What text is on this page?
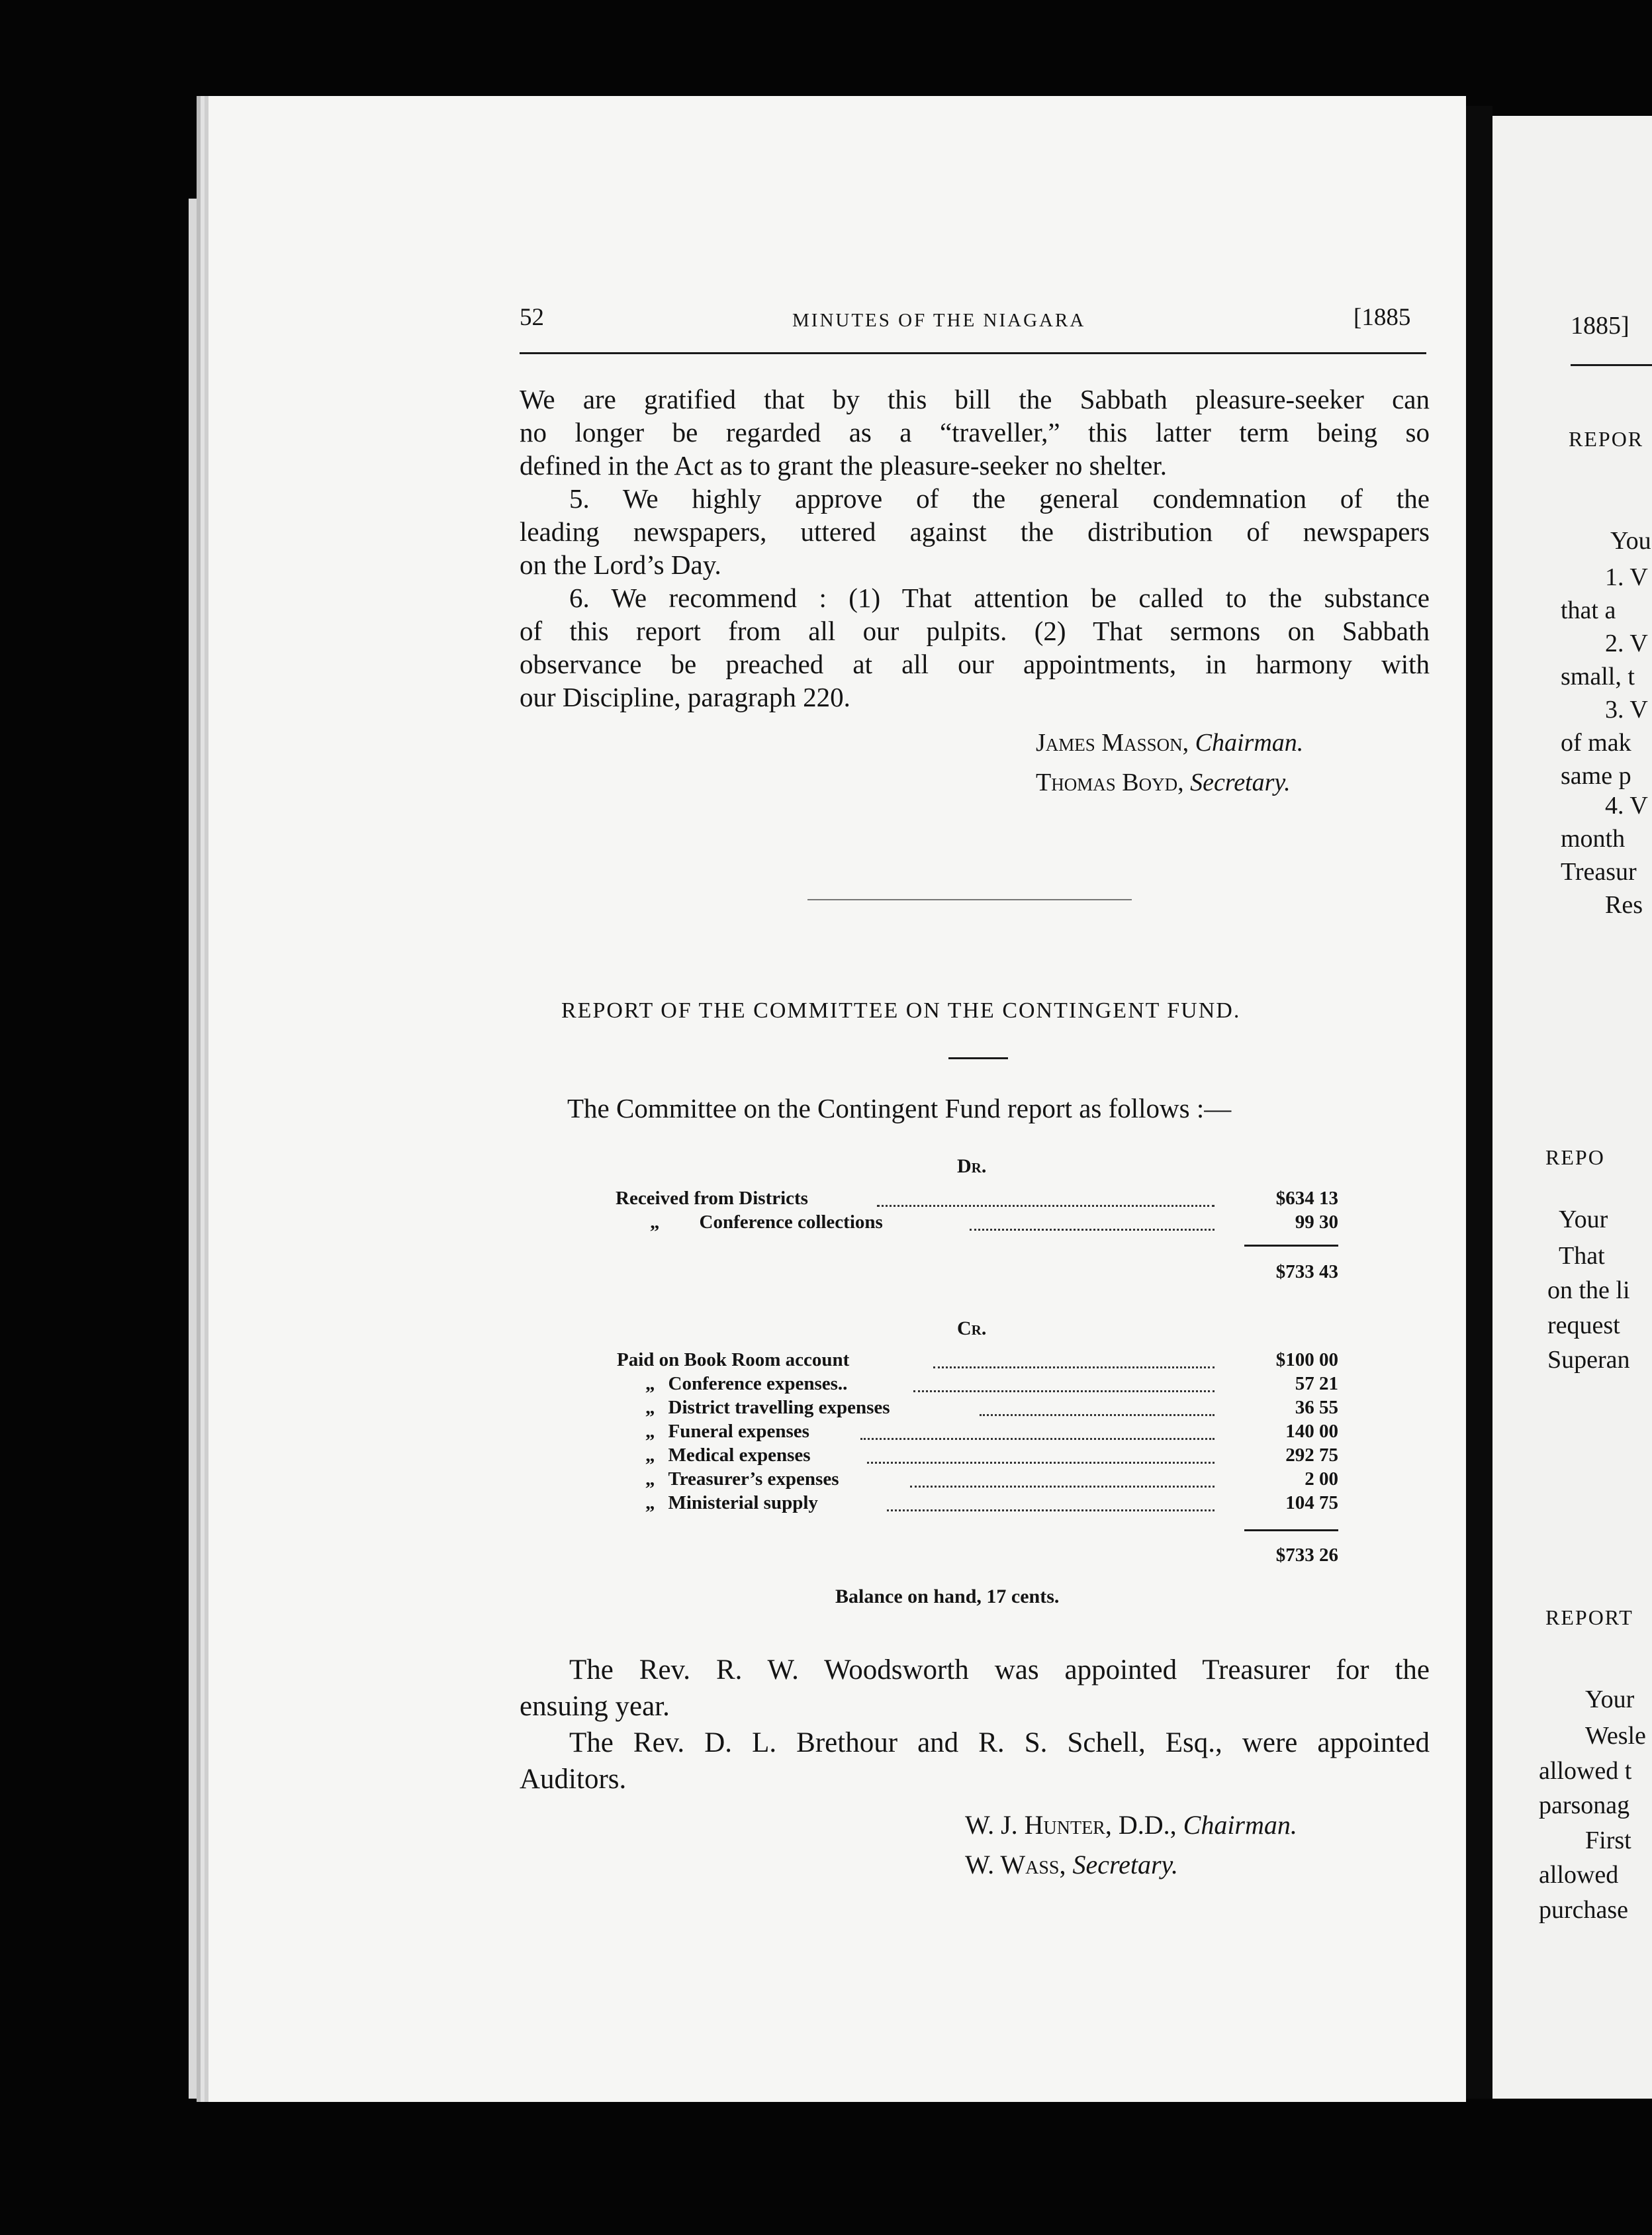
52	MINUTES OF THE NIAGARA	[1885
We are gratified that by this bill the Sabbath pleasure-seeker can
no longer be regarded as a “traveller,” this latter term being so
defined in the Act as to grant the pleasure-seeker no shelter.
5. We highly approve of the general condemnation of the
leading newspapers, uttered against the distribution of newspapers
on the Lord’s Day.
6. We recommend : (1) That attention be called to the substance
of this report from all our pulpits. (2) That sermons on Sabbath
observance be preached at all our appointments, in harmony with
our Discipline, paragraph 220.
James Masson, Chairman.
Thomas Boyd, Secretary.
REPORT OF THE COMMITTEE ON THE CONTINGENT FUND.
The Committee on the Contingent Fund report as follows :—
Dr.
Received from Districts	$634 13
„ Conference collections	99 30
$733 43
Cr.
Paid on Book Room account	$100 00
„ Conference expenses..	57 21
„ District travelling expenses	36 55
„ Funeral expenses	140 00
„ Medical expenses	292 75
„ Treasurer’s expenses	2 00
„ Ministerial supply	104 75
$733 26
Balance on hand, 17 cents.
The Rev. R. W. Woodsworth was appointed Treasurer for the
ensuing year.
The Rev. D. L. Brethour and R. S. Schell, Esq., were appointed
Auditors.
W. J. Hunter, D.D., Chairman.
W. Wass, Secretary.
1885]
REPOR
You
1. V
that a
2. V
small, t
3. V
of mak
same p
4. V
month
Treasur
Res
REPO
Your
That
on the li
request
Superan
REPORT
Your
Wesle
allowed t
parsonag
First
allowed
purchase
